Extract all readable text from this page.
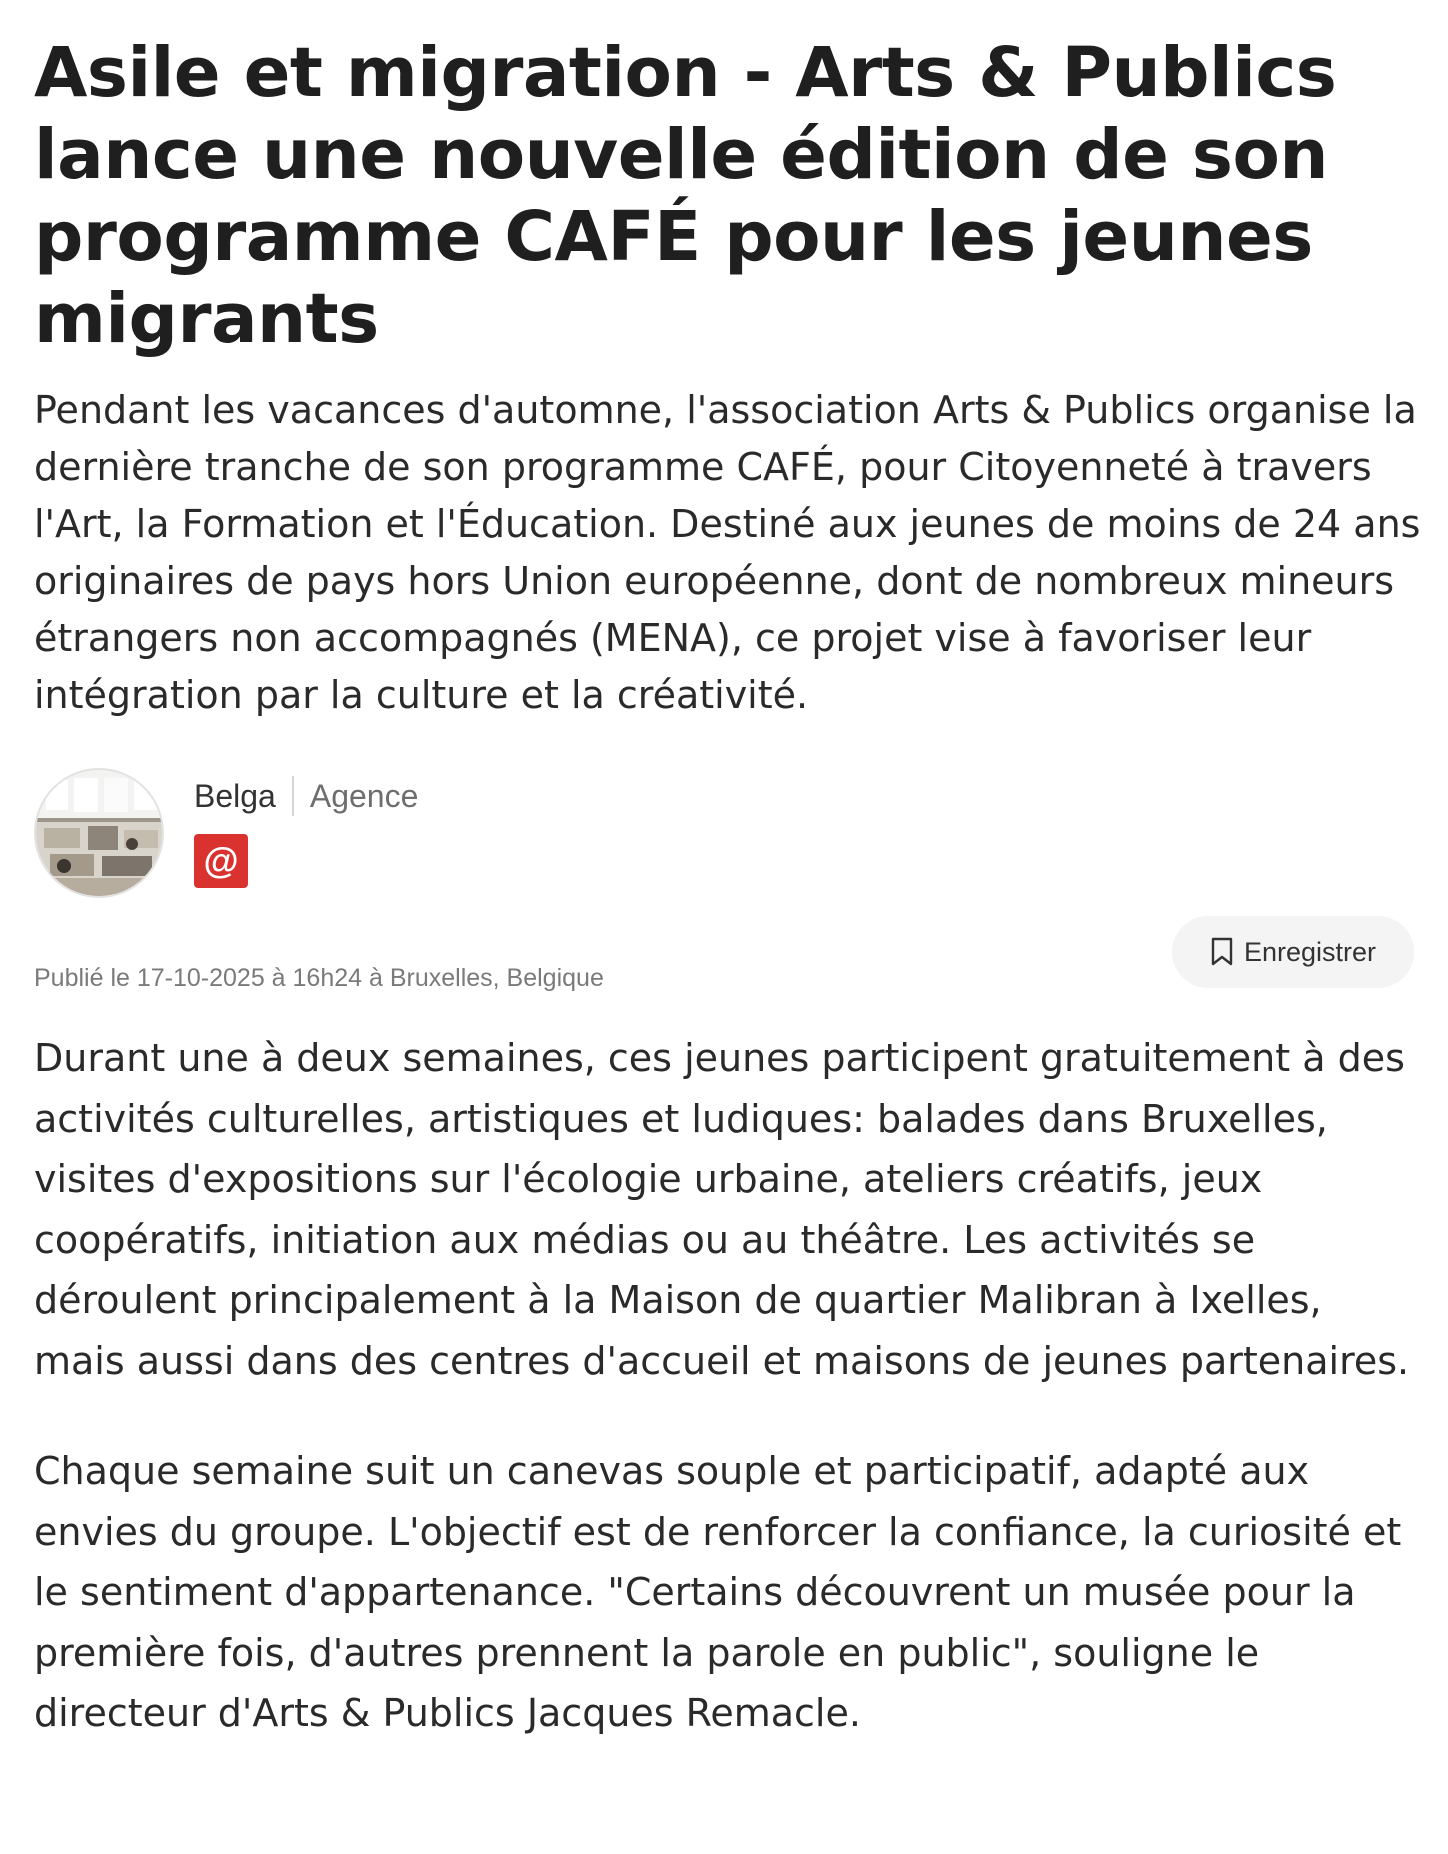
Asile et migration - Arts & Publics lance une nouvelle édition de son programme CAFÉ pour les jeunes migrants

Pendant les vacances d'automne, l'association Arts & Publics organise la dernière tranche de son programme CAFÉ, pour Citoyenneté à travers l'Art, la Formation et l'Éducation. Destiné aux jeunes de moins de 24 ans originaires de pays hors Union européenne, dont de nombreux mineurs étrangers non accompagnés (MENA), ce projet vise à favoriser leur intégration par la culture et la créativité.

Belga Agence
@
Publié le 17-10-2025 à 16h24 à Bruxelles, Belgique
Enregistrer

Durant une à deux semaines, ces jeunes participent gratuitement à des activités culturelles, artistiques et ludiques: balades dans Bruxelles, visites d'expositions sur l'écologie urbaine, ateliers créatifs, jeux coopératifs, initiation aux médias ou au théâtre. Les activités se déroulent principalement à la Maison de quartier Malibran à Ixelles, mais aussi dans des centres d'accueil et maisons de jeunes partenaires.

Chaque semaine suit un canevas souple et participatif, adapté aux envies du groupe. L'objectif est de renforcer la confiance, la curiosité et le sentiment d'appartenance. "Certains découvrent un musée pour la première fois, d'autres prennent la parole en public", souligne le directeur d'Arts & Publics Jacques Remacle.
